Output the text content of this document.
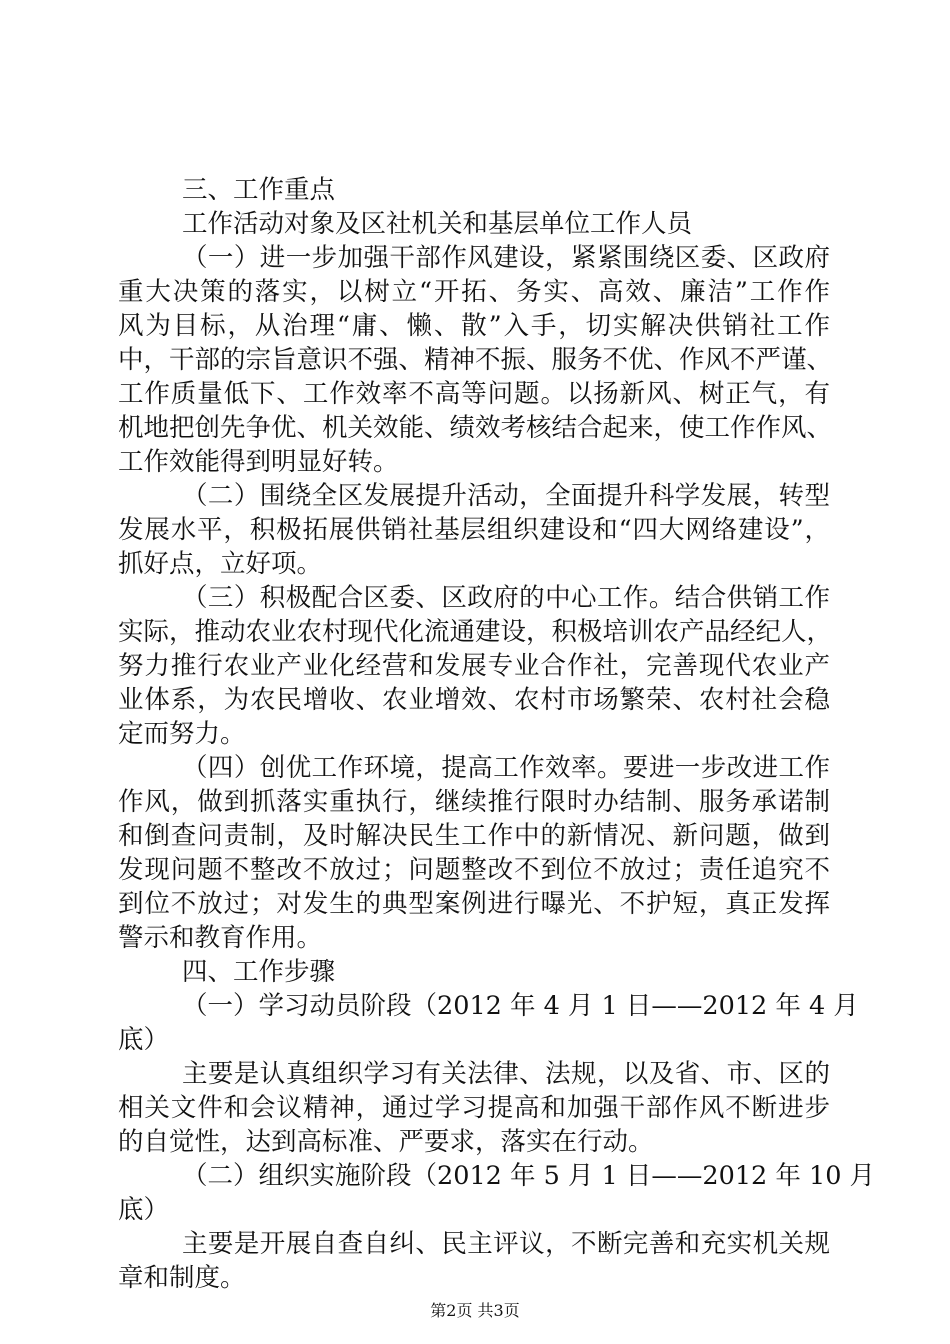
三、工作重点

工作活动对象及区社机关和基层单位工作人员

（一）进一步加强干部作风建设，紧紧围绕区委、区政府

重大决策的落实，以树立“开拓、务实、高效、廉洁”工作作

风为目标，从治理“庸、懒、散”入手，切实解决供销社工作

中，干部的宗旨意识不强、精神不振、服务不优、作风不严谨、

工作质量低下、工作效率不高等问题。以扬新风、树正气，有

机地把创先争优、机关效能、绩效考核结合起来，使工作作风、

工作效能得到明显好转。

（二）围绕全区发展提升活动，全面提升科学发展，转型

发展水平，积极拓展供销社基层组织建设和“四大网络建设”，

抓好点，立好项。

（三）积极配合区委、区政府的中心工作。结合供销工作

实际，推动农业农村现代化流通建设，积极培训农产品经纪人，

努力推行农业产业化经营和发展专业合作社，完善现代农业产

业体系，为农民增收、农业增效、农村市场繁荣、农村社会稳

定而努力。

（四）创优工作环境，提高工作效率。要进一步改进工作

作风，做到抓落实重执行，继续推行限时办结制、服务承诺制

和倒查问责制，及时解决民生工作中的新情况、新问题，做到

发现问题不整改不放过；问题整改不到位不放过；责任追究不

到位不放过；对发生的典型案例进行曝光、不护短，真正发挥

警示和教育作用。

四、工作步骤

（一）学习动员阶段（2012 年 4 月 1 日——2012 年 4 月

底）

主要是认真组织学习有关法律、法规，以及省、市、区的

相关文件和会议精神，通过学习提高和加强干部作风不断进步

的自觉性，达到高标准、严要求，落实在行动。

（二）组织实施阶段（2012 年 5 月 1 日——2012 年 10 月

底）

主要是开展自查自纠、民主评议，不断完善和充实机关规

章和制度。

第2页 共3页
